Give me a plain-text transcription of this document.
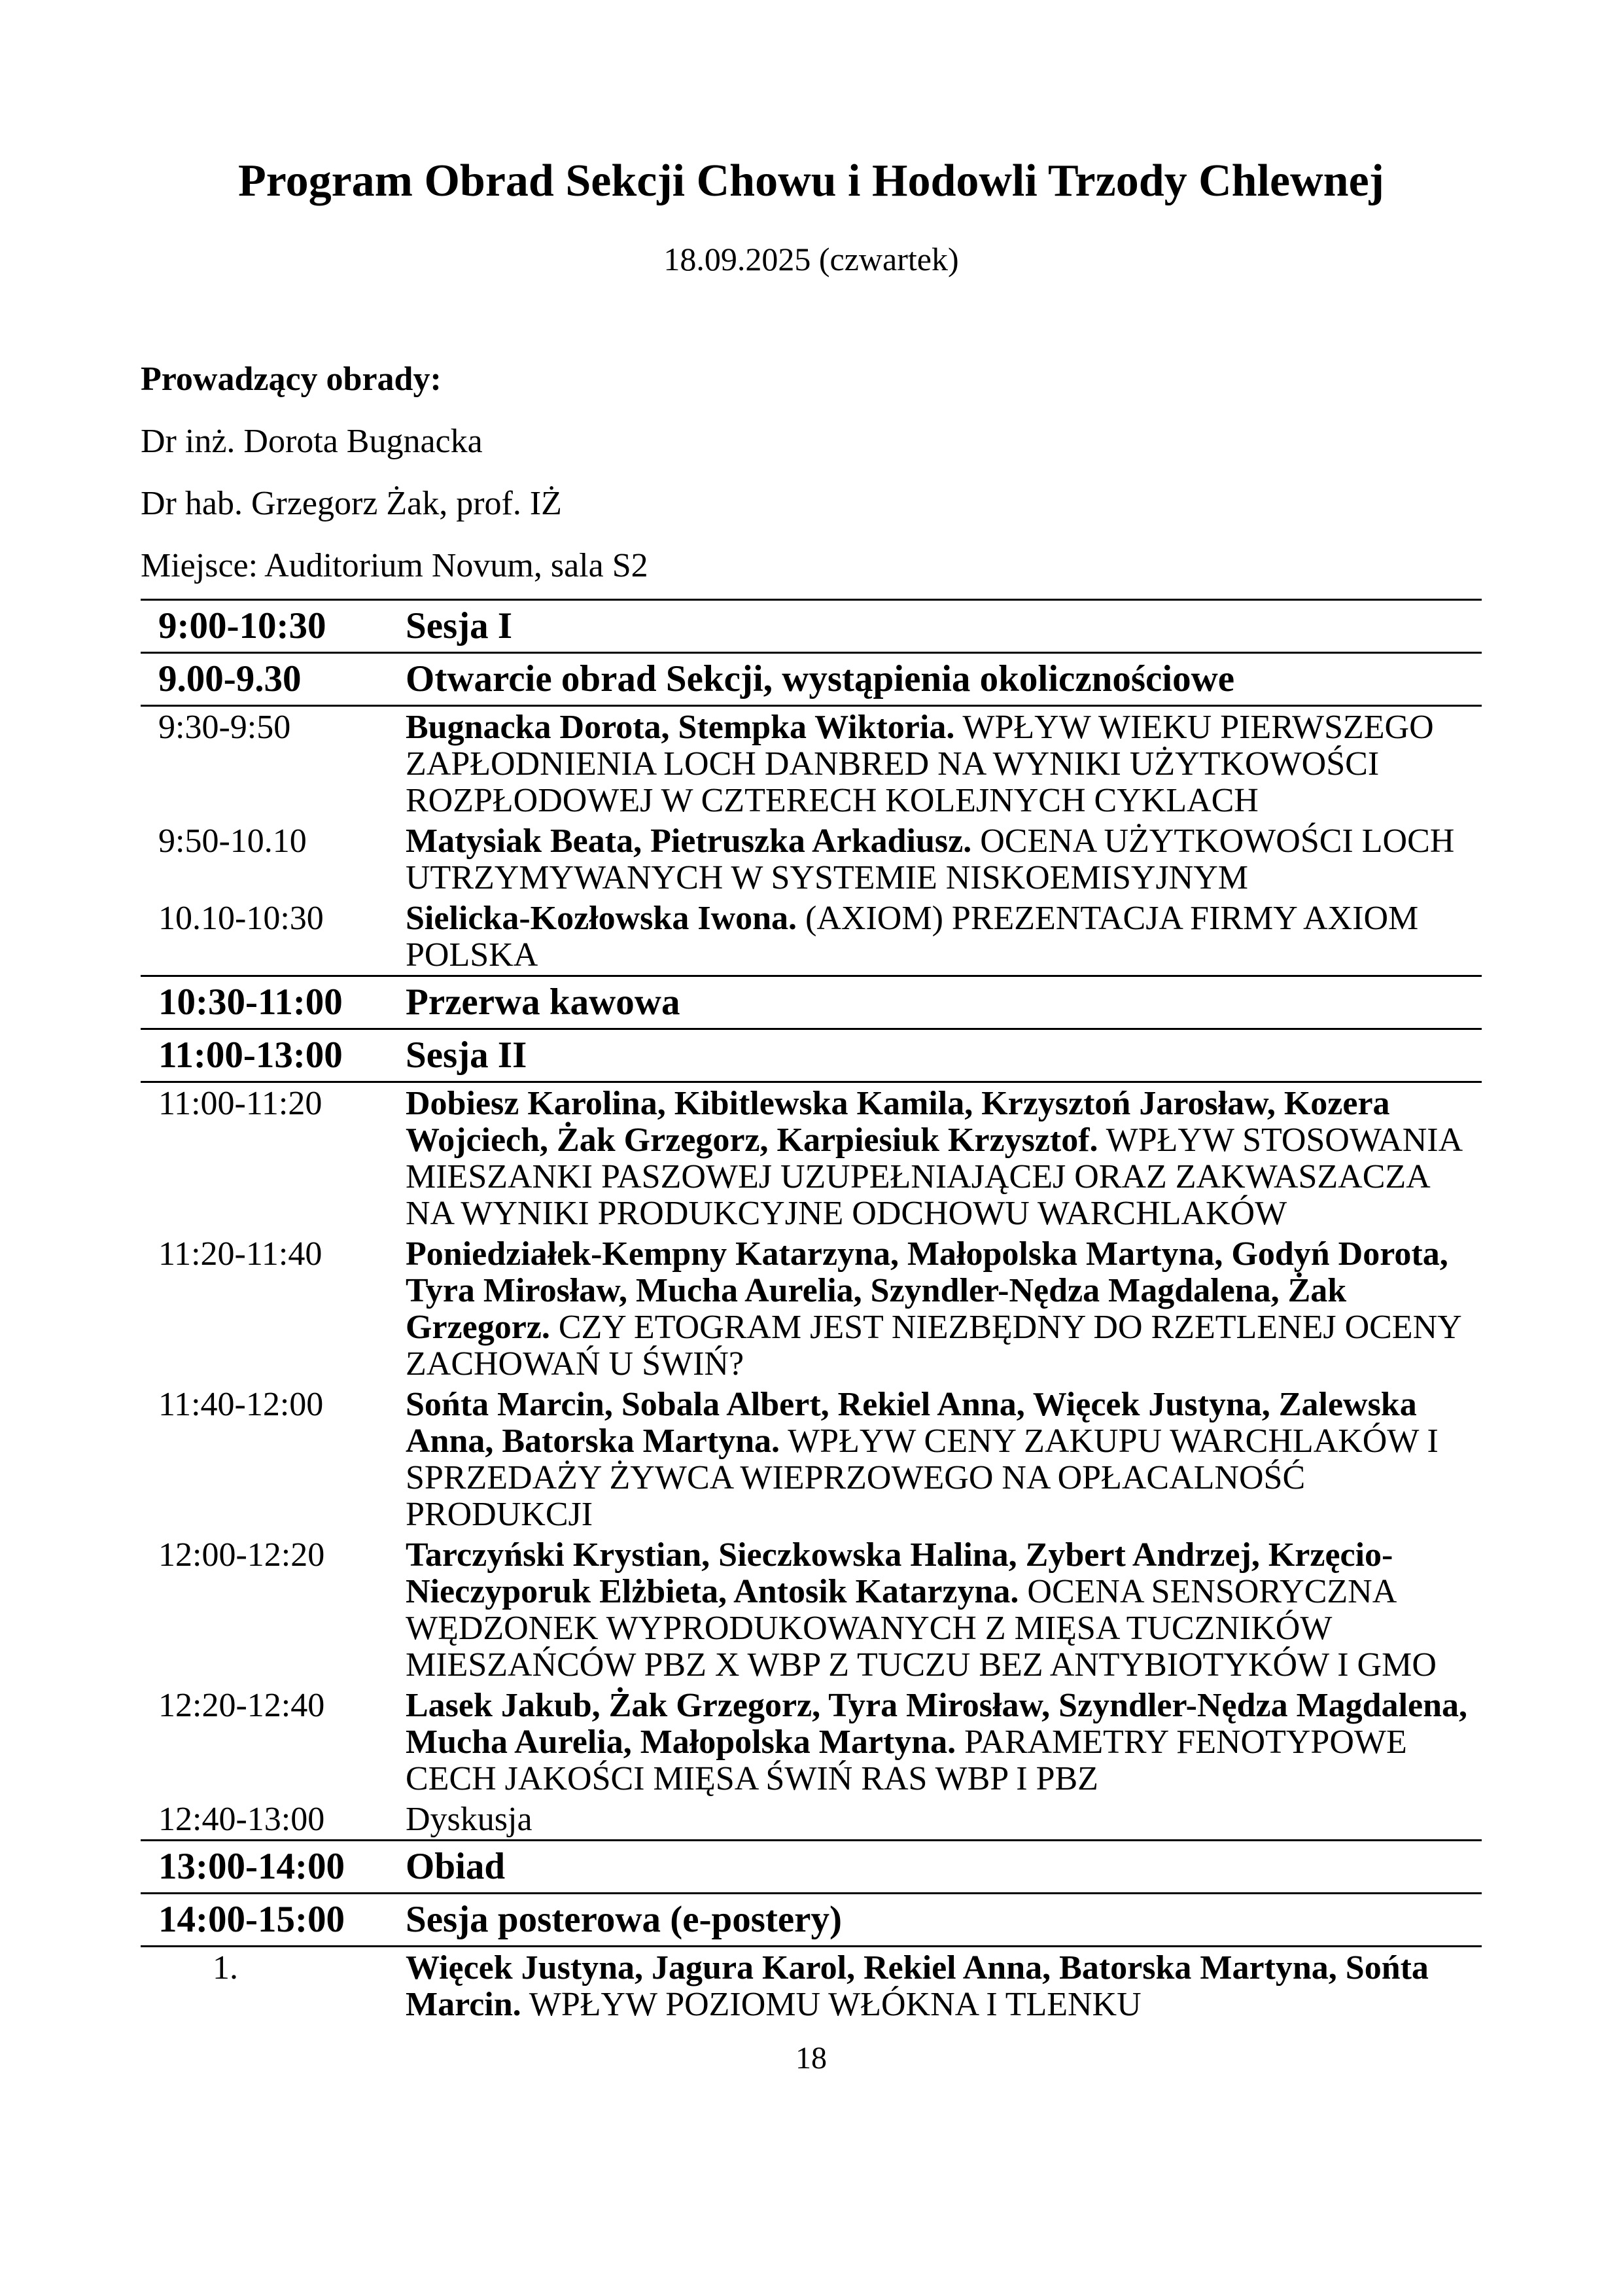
Program Obrad Sekcji Chowu i Hodowli Trzody Chlewnej
18.09.2025 (czwartek)
Prowadzący obrady:
Dr inż. Dorota Bugnacka
Dr hab. Grzegorz Żak, prof. IŻ
Miejsce: Auditorium Novum, sala S2
9:00-10:30	Sesja I
9.00-9.30	Otwarcie obrad Sekcji, wystąpienia okolicznościowe
9:30-9:50	Bugnacka Dorota, Stempka Wiktoria. WPŁYW WIEKU PIERWSZEGO ZAPŁODNIENIA LOCH DANBRED NA WYNIKI UŻYTKOWOŚCI ROZPŁODOWEJ W CZTERECH KOLEJNYCH CYKLACH
9:50-10.10	Matysiak Beata, Pietruszka Arkadiusz. OCENA UŻYTKOWOŚCI LOCH UTRZYMYWANYCH W SYSTEMIE NISKOEMISYJNYM
10.10-10:30	Sielicka-Kozłowska Iwona. (AXIOM) PREZENTACJA FIRMY AXIOM POLSKA
10:30-11:00	Przerwa kawowa
11:00-13:00	Sesja II
11:00-11:20	Dobiesz Karolina, Kibitlewska Kamila, Krzysztoń Jarosław, Kozera Wojciech, Żak Grzegorz, Karpiesiuk Krzysztof. WPŁYW STOSOWANIA MIESZANKI PASZOWEJ UZUPEŁNIAJĄCEJ ORAZ ZAKWASZACZA NA WYNIKI PRODUKCYJNE ODCHOWU WARCHLAKÓW
11:20-11:40	Poniedziałek-Kempny Katarzyna, Małopolska Martyna, Godyń Dorota, Tyra Mirosław, Mucha Aurelia, Szyndler-Nędza Magdalena, Żak Grzegorz. CZY ETOGRAM JEST NIEZBĘDNY DO RZETLENEJ OCENY ZACHOWAŃ U ŚWIŃ?
11:40-12:00	Sońta Marcin, Sobala Albert, Rekiel Anna, Więcek Justyna, Zalewska Anna, Batorska Martyna. WPŁYW CENY ZAKUPU WARCHLAKÓW I SPRZEDAŻY ŻYWCA WIEPRZOWEGO NA OPŁACALNOŚĆ PRODUKCJI
12:00-12:20	Tarczyński Krystian, Sieczkowska Halina, Zybert Andrzej, Krzęcio-Nieczyporuk Elżbieta, Antosik Katarzyna. OCENA SENSORYCZNA WĘDZONEK WYPRODUKOWANYCH Z MIĘSA TUCZNIKÓW MIESZAŃCÓW PBZ X WBP Z TUCZU BEZ ANTYBIOTYKÓW I GMO
12:20-12:40	Lasek Jakub, Żak Grzegorz, Tyra Mirosław, Szyndler-Nędza Magdalena, Mucha Aurelia, Małopolska Martyna. PARAMETRY FENOTYPOWE CECH JAKOŚCI MIĘSA ŚWIŃ RAS WBP I PBZ
12:40-13:00	Dyskusja
13:00-14:00	Obiad
14:00-15:00	Sesja posterowa (e-postery)
1.	Więcek Justyna, Jagura Karol, Rekiel Anna, Batorska Martyna, Sońta Marcin. WPŁYW POZIOMU WŁÓKNA I TLENKU
18
